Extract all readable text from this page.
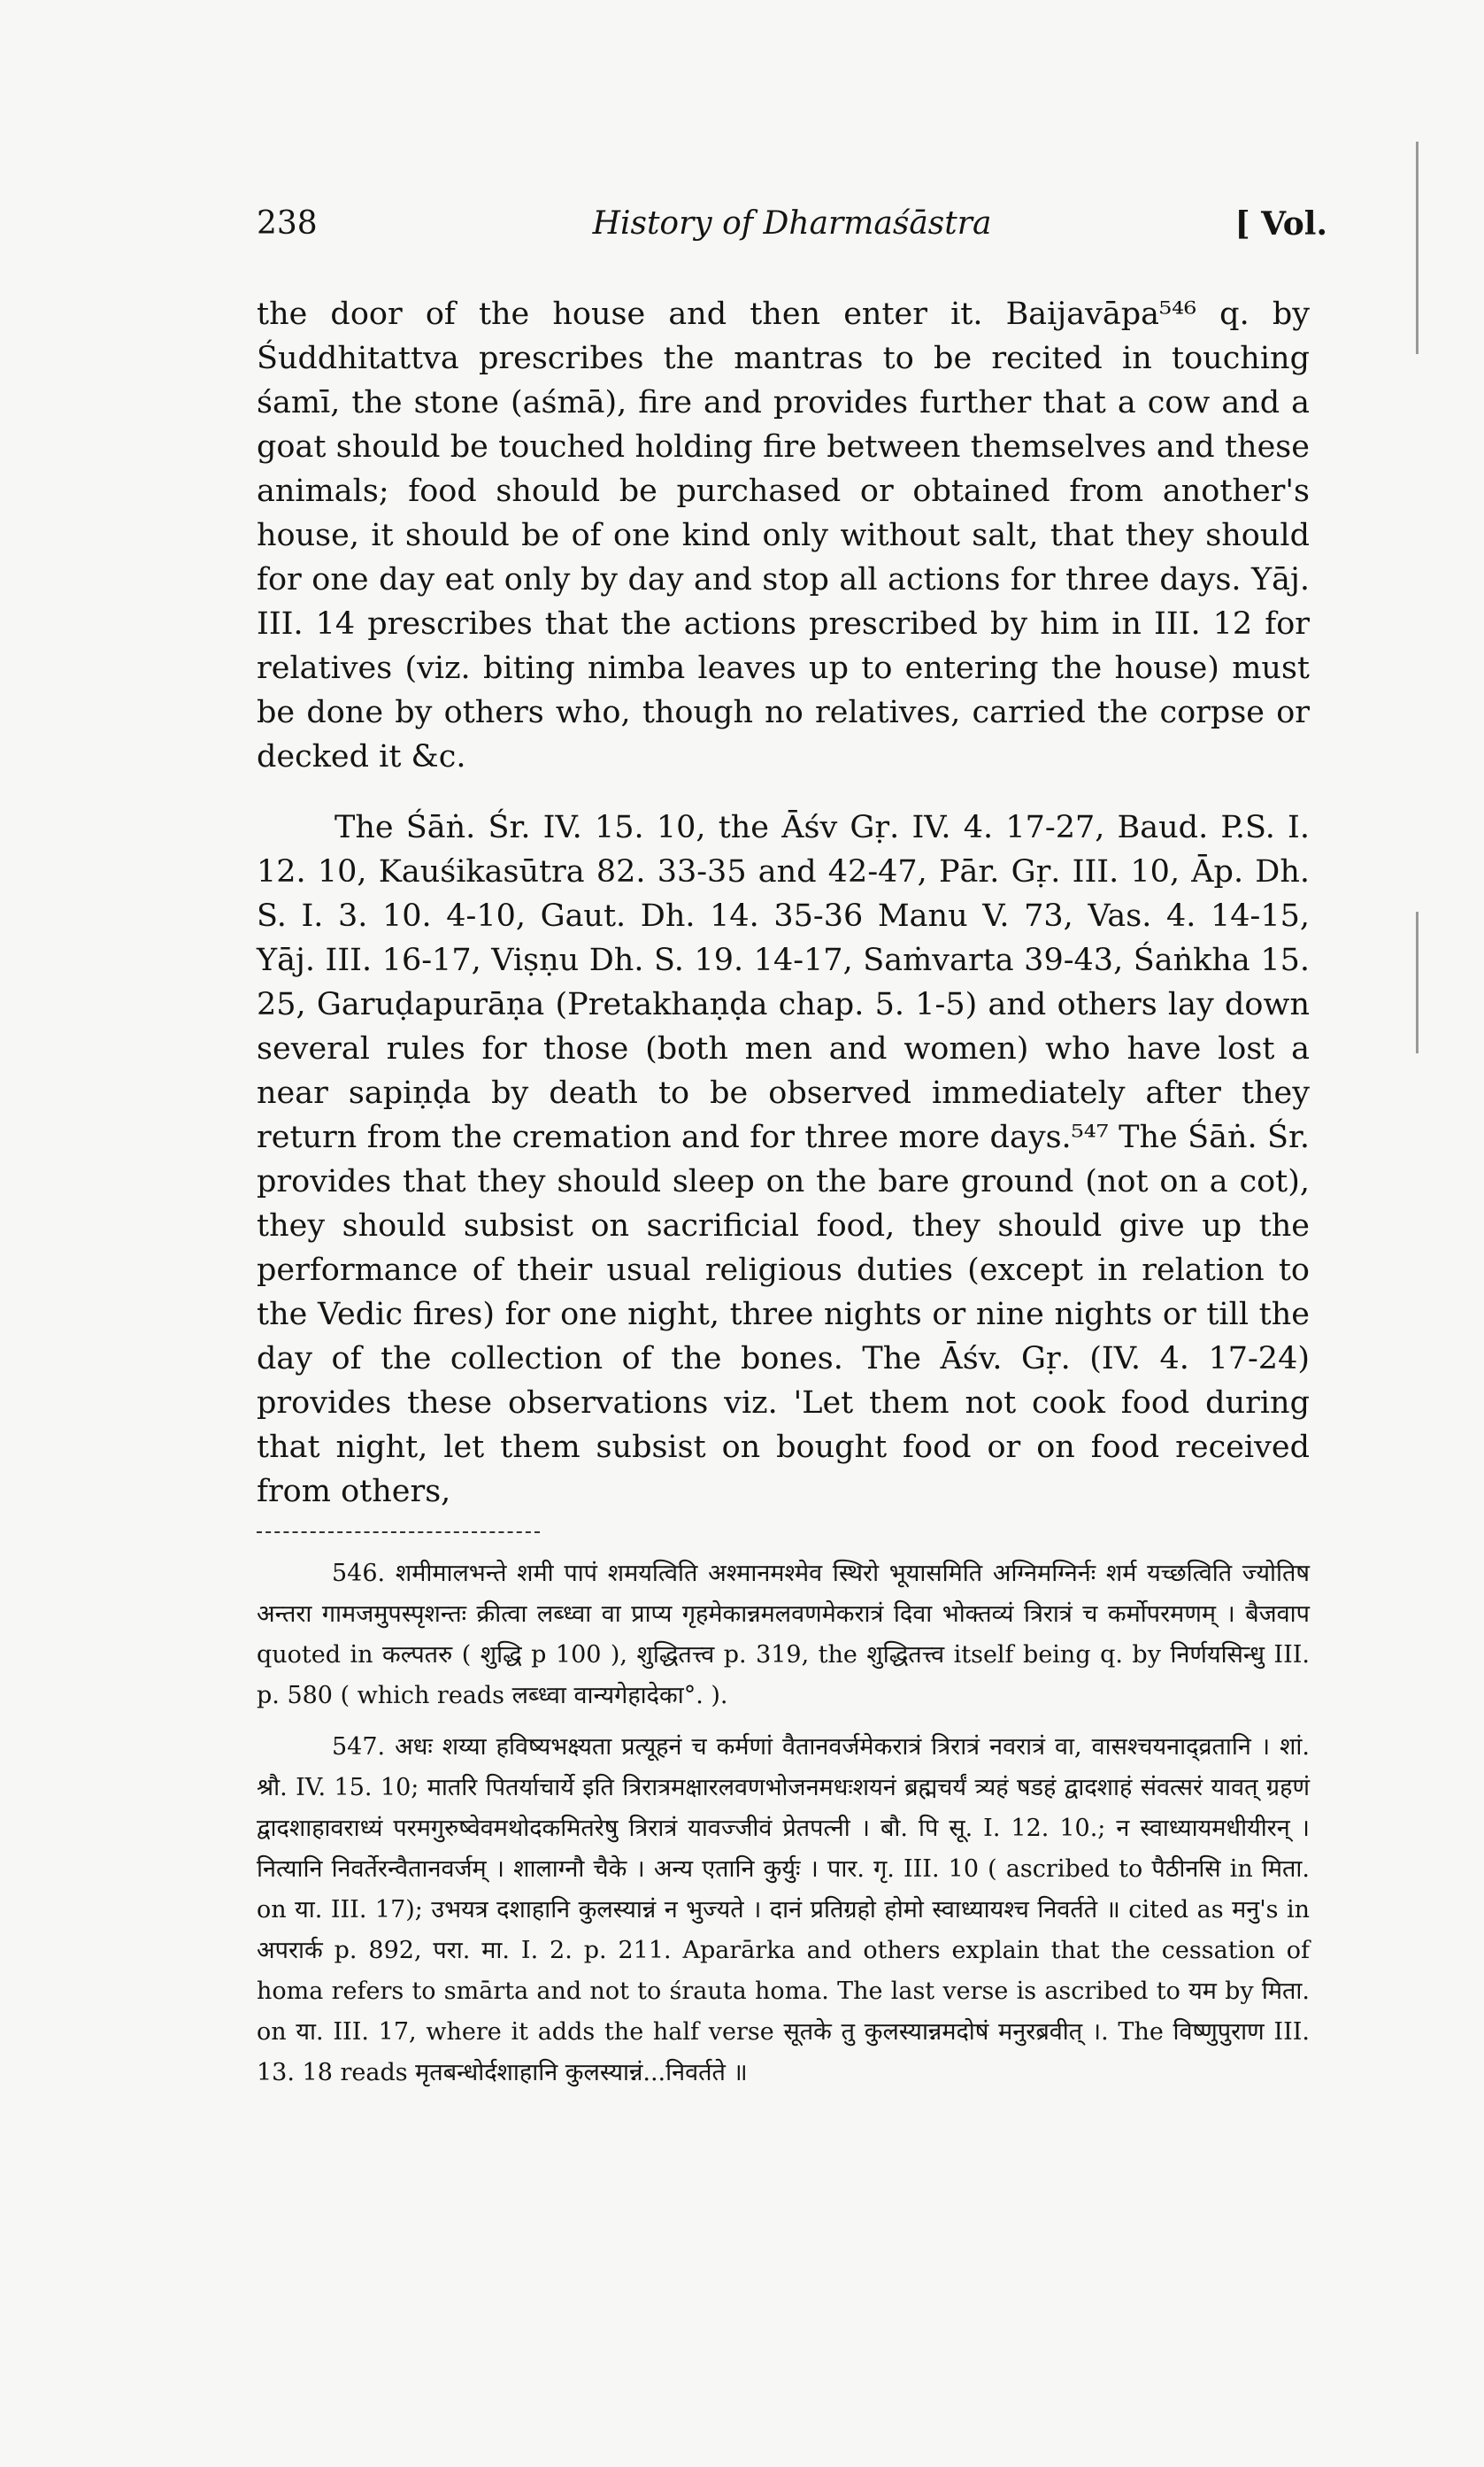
238	History of Dharmaśāstra	[ Vol.

the door of the house and then enter it. Baijavāpa⁵⁴⁶ q. by Śuddhitattva prescribes the mantras to be recited in touching śamī, the stone (aśmā), fire and provides further that a cow and a goat should be touched holding fire between themselves and these animals; food should be purchased or obtained from another's house, it should be of one kind only without salt, that they should for one day eat only by day and stop all actions for three days. Yāj. III. 14 prescribes that the actions prescribed by him in III. 12 for relatives (viz. biting nimba leaves up to entering the house) must be done by others who, though no relatives, carried the corpse or decked it &c.

The Śāṅ. Śr. IV. 15. 10, the Āśv Gṛ. IV. 4. 17-27, Baud. P.S. I. 12. 10, Kauśikasūtra 82. 33-35 and 42-47, Pār. Gṛ. III. 10, Āp. Dh. S. I. 3. 10. 4-10, Gaut. Dh. 14. 35-36 Manu V. 73, Vas. 4. 14-15, Yāj. III. 16-17, Viṣṇu Dh. S. 19. 14-17, Saṁvarta 39-43, Śaṅkha 15. 25, Garuḍapurāṇa (Pretakhaṇḍa chap. 5. 1-5) and others lay down several rules for those (both men and women) who have lost a near sapiṇḍa by death to be observed immediately after they return from the cremation and for three more days.⁵⁴⁷ The Śāṅ. Śr. provides that they should sleep on the bare ground (not on a cot), they should subsist on sacrificial food, they should give up the performance of their usual religious duties (except in relation to the Vedic fires) for one night, three nights or nine nights or till the day of the collection of the bones. The Āśv. Gṛ. (IV. 4. 17-24) provides these observations viz. 'Let them not cook food during that night, let them subsist on bought food or on food received from others,

546. शमीमालभन्ते शमी पापं शमयत्विति अश्मानमश्मेव स्थिरो भूयासमिति अग्निमग्निर्नः शर्म यच्छत्विति ज्योतिष अन्तरा गामजमुपस्पृशन्तः क्रीत्वा लब्ध्वा वा प्राप्य गृहमेकान्नमलवणमेकरात्रं दिवा भोक्तव्यं त्रिरात्रं च कर्मोपरमणम् । बैजवाप quoted in कल्पतरु ( शुद्धि p 100 ), शुद्धितत्त्व p. 319, the शुद्धितत्त्व itself being q. by निर्णयसिन्धु III. p. 580 ( which reads लब्ध्वा वान्यगेहादेका°. ).

547. अधः शय्या हविष्यभक्ष्यता प्रत्यूहनं च कर्मणां वैतानवर्जमेकरात्रं त्रिरात्रं नवरात्रं वा, वासश्चयनाद्व्रतानि । शां. श्रौ. IV. 15. 10; मातरि पितर्याचार्ये इति त्रिरात्रमक्षारलवणभोजनमधःशयनं ब्रह्मचर्यं त्र्यहं षडहं द्वादशाहं संवत्सरं यावत् ग्रहणं द्वादशाहावराध्यं परमगुरुष्वेवमथोदकमितरेषु त्रिरात्रं यावज्जीवं प्रेतपत्नी । बौ. पि सू. I. 12. 10.; न स्वाध्यायमधीयीरन् । नित्यानि निवर्तेरन्वैतानवर्जम् । शालाग्नौ चैके । अन्य एतानि कुर्युः । पार. गृ. III. 10 ( ascribed to पैठीनसि in मिता. on या. III. 17); उभयत्र दशाहानि कुलस्यान्नं न भुज्यते । दानं प्रतिग्रहो होमो स्वाध्यायश्च निवर्तते ॥ cited as मनु's in अपरार्क p. 892, परा. मा. I. 2. p. 211. Aparārka and others explain that the cessation of homa refers to smārta and not to śrauta homa. The last verse is ascribed to यम by मिता. on या. III. 17, where it adds the half verse सूतके तु कुलस्यान्नमदोषं मनुरब्रवीत् ।. The विष्णुपुराण III. 13. 18 reads मृतबन्धोर्दशाहानि कुलस्यान्नं...निवर्तते ॥
